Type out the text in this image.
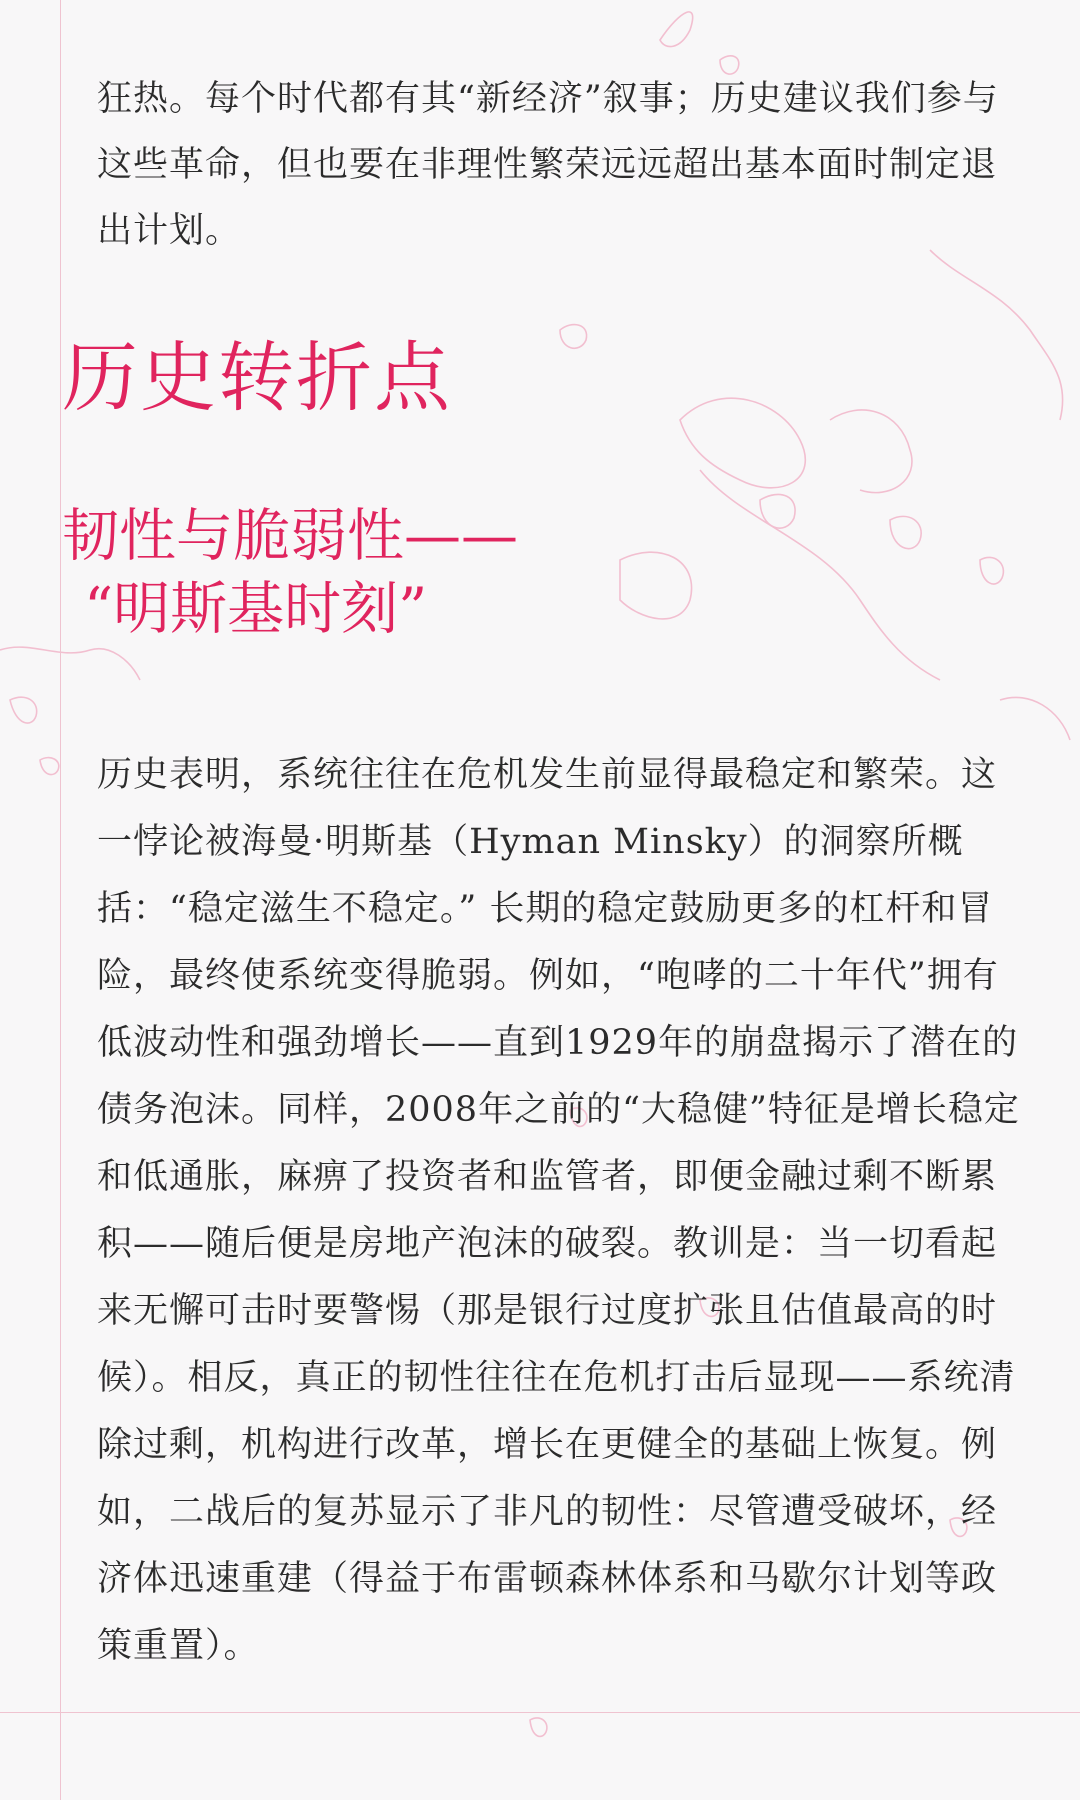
狂热。每个时代都有其“新经济”叙事；历史建议我们参与这些革命，但也要在非理性繁荣远远超出基本面时制定退出计划。

历史转折点
韧性与脆弱性——
“明斯基时刻”

历史表明，系统往往在危机发生前显得最稳定和繁荣。这一悖论被海曼·明斯基（Hyman Minsky）的洞察所概括：“稳定滋生不稳定。” 长期的稳定鼓励更多的杠杆和冒险，最终使系统变得脆弱。例如，“咆哮的二十年代”拥有低波动性和强劲增长——直到1929年的崩盘揭示了潜在的债务泡沫。同样，2008年之前的“大稳健”特征是增长稳定和低通胀，麻痹了投资者和监管者，即便金融过剩不断累积——随后便是房地产泡沫的破裂。教训是：当一切看起来无懈可击时要警惕（那是银行过度扩张且估值最高的时候）。相反，真正的韧性往往在危机打击后显现——系统清除过剩，机构进行改革，增长在更健全的基础上恢复。例如，二战后的复苏显示了非凡的韧性：尽管遭受破坏，经济体迅速重建（得益于布雷顿森林体系和马歇尔计划等政策重置）。
